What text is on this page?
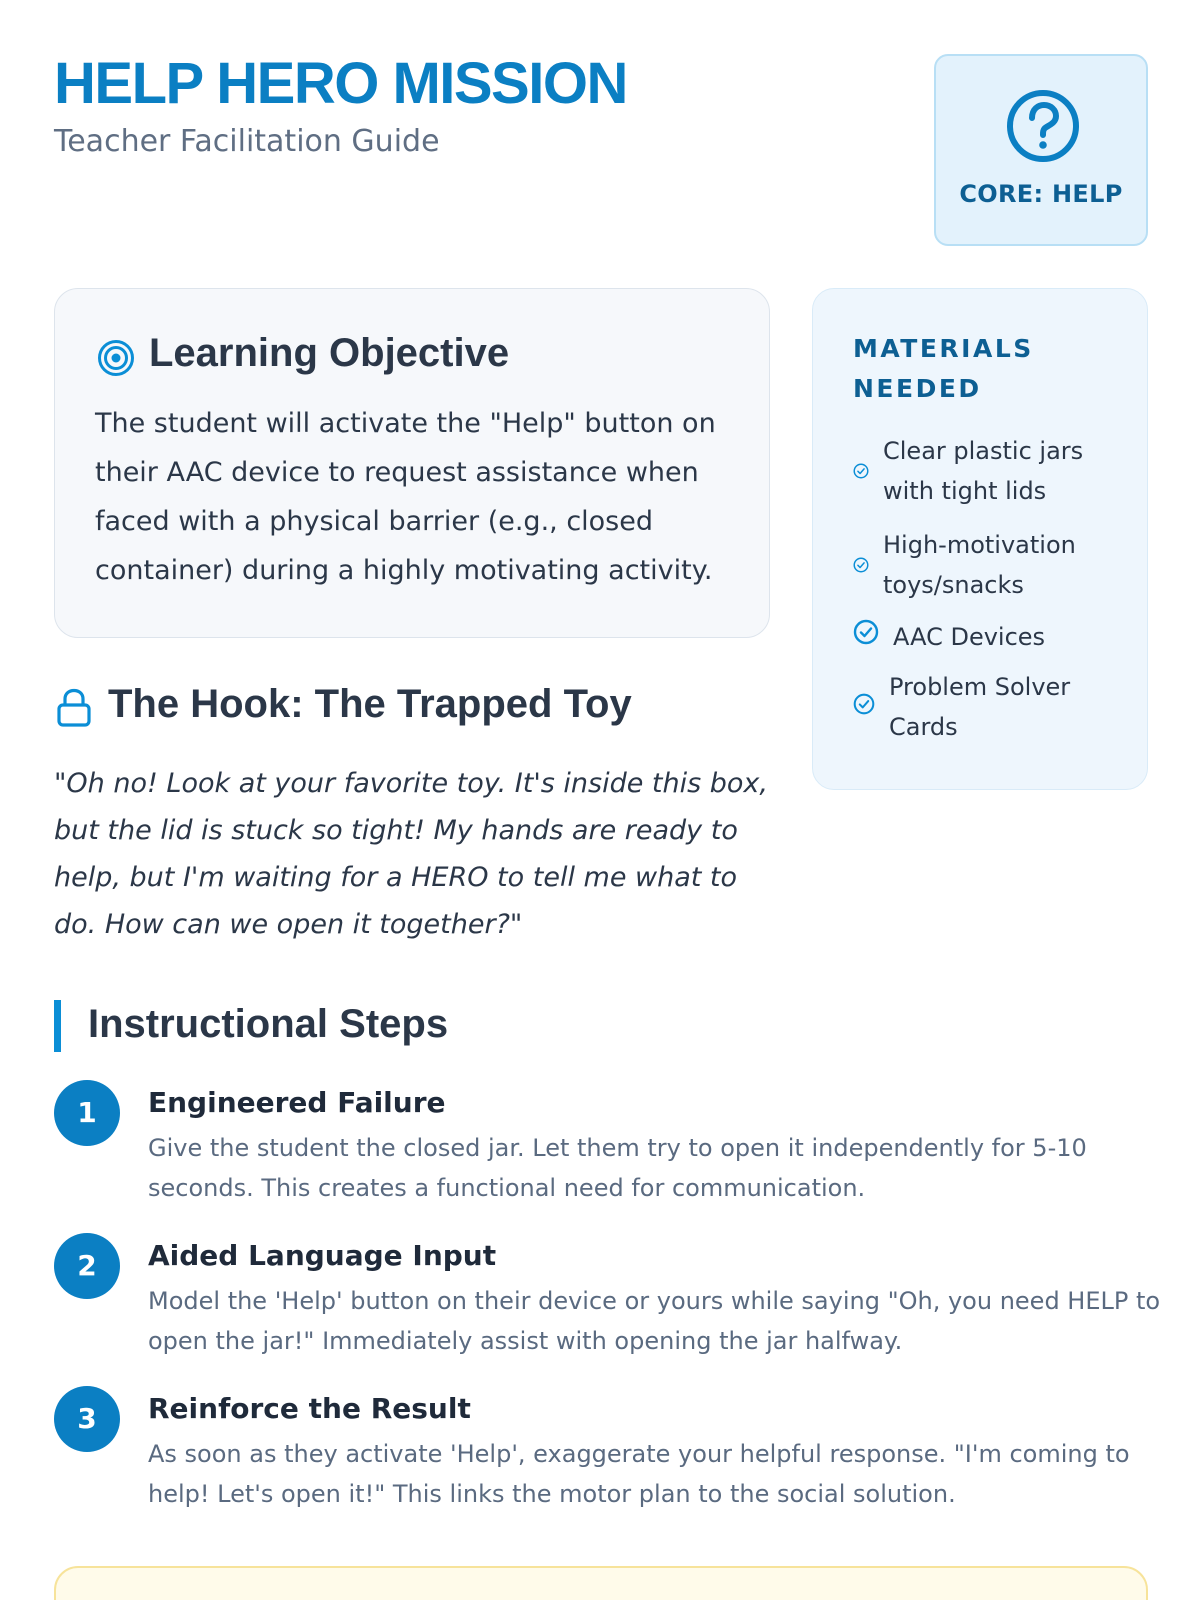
HELP HERO MISSION
Teacher Facilitation Guide
CORE: HELP
Learning Objective
The student will activate the "Help" button on their AAC device to request assistance when faced with a physical barrier (e.g., closed container) during a highly motivating activity.
MATERIALS NEEDED
Clear plastic jars with tight lids
High-motivation toys/snacks
AAC Devices
Problem Solver Cards
The Hook: The Trapped Toy
"Oh no! Look at your favorite toy. It's inside this box, but the lid is stuck so tight! My hands are ready to help, but I'm waiting for a HERO to tell me what to do. How can we open it together?"
Instructional Steps
1	Engineered Failure
Give the student the closed jar. Let them try to open it independently for 5-10 seconds. This creates a functional need for communication.
2	Aided Language Input
Model the 'Help' button on their device or yours while saying "Oh, you need HELP to open the jar!" Immediately assist with opening the jar halfway.
3	Reinforce the Result
As soon as they activate 'Help', exaggerate your helpful response. "I'm coming to help! Let's open it!" This links the motor plan to the social solution.
